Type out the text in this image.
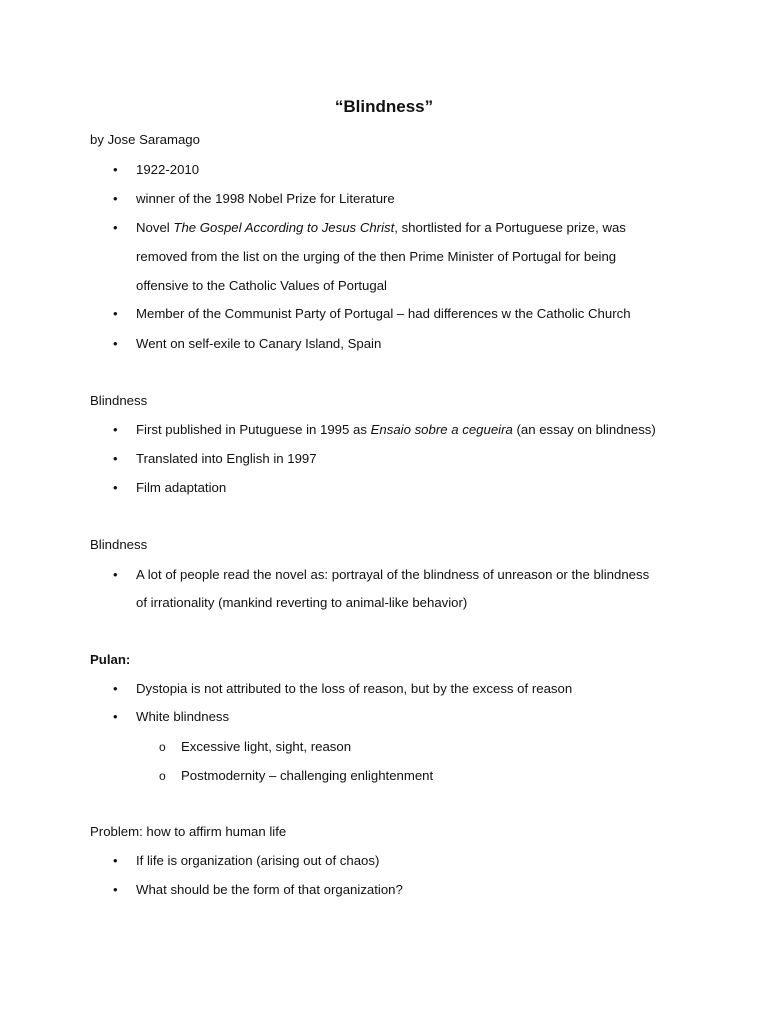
“Blindness”
by Jose Saramago
• 1922-2010
• winner of the 1998 Nobel Prize for Literature
• Novel The Gospel According to Jesus Christ, shortlisted for a Portuguese prize, was
removed from the list on the urging of the then Prime Minister of Portugal for being
offensive to the Catholic Values of Portugal
• Member of the Communist Party of Portugal – had differences w the Catholic Church
• Went on self-exile to Canary Island, Spain
Blindness
• First published in Putuguese in 1995 as Ensaio sobre a cegueira (an essay on blindness)
• Translated into English in 1997
• Film adaptation
Blindness
• A lot of people read the novel as: portrayal of the blindness of unreason or the blindness
of irrationality (mankind reverting to animal-like behavior)
Pulan:
• Dystopia is not attributed to the loss of reason, but by the excess of reason
• White blindness
o Excessive light, sight, reason
o Postmodernity – challenging enlightenment
Problem: how to affirm human life
• If life is organization (arising out of chaos)
• What should be the form of that organization?
